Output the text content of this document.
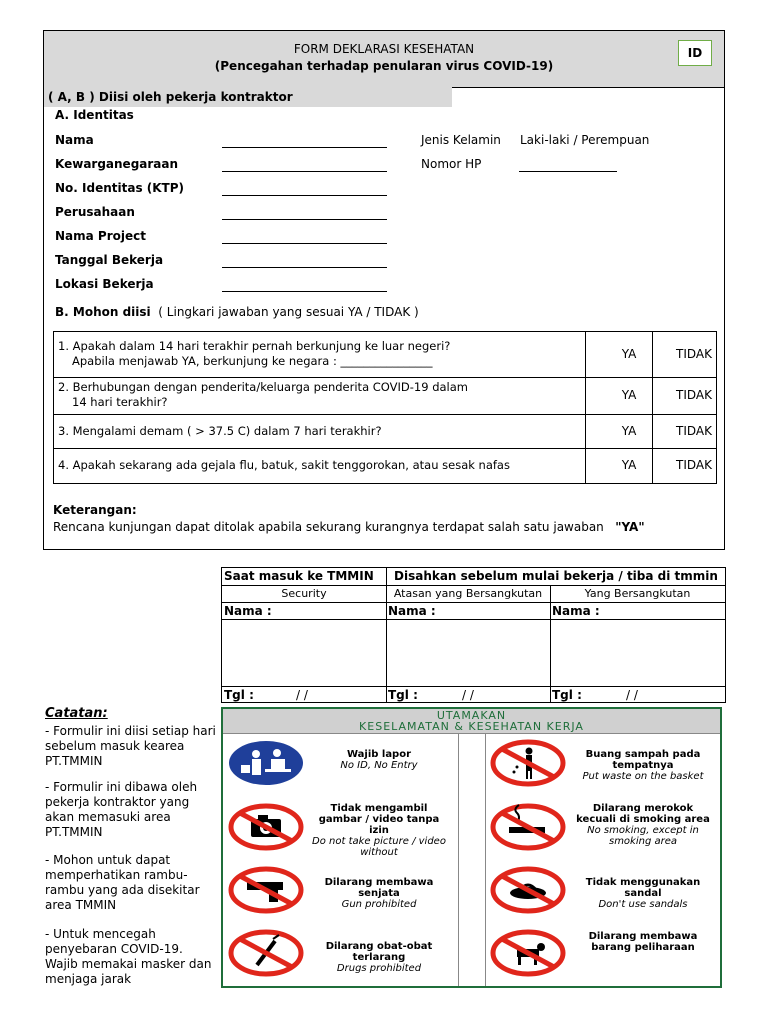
FORM DEKLARASI KESEHATAN
(Pencegahan terhadap penularan virus COVID-19)
ID
( A, B ) Diisi oleh pekerja kontraktor
A. Identitas
Nama
Kewarganegaraan
No. Identitas (KTP)
Perusahaan
Nama Project
Tanggal Bekerja
Lokasi Bekerja
Jenis Kelamin Laki-laki / Perempuan
Nomor HP
B. Mohon diisi ( Lingkari jawaban yang sesuai YA / TIDAK )
1. Apakah dalam 14 hari terakhir pernah berkunjung ke luar negeri?
Apabila menjawab YA, berkunjung ke negara : ________________	YA	TIDAK
2. Berhubungan dengan penderita/keluarga penderita COVID-19 dalam
14 hari terakhir?	YA	TIDAK
3. Mengalami demam ( > 37.5 C) dalam 7 hari terakhir?	YA	TIDAK
4. Apakah sekarang ada gejala flu, batuk, sakit tenggorokan, atau sesak nafas	YA	TIDAK
Keterangan:
Rencana kunjungan dapat ditolak apabila sekurang kurangnya terdapat salah satu jawaban "YA"
Saat masuk ke TMMIN Disahkan sebelum mulai bekerja / tiba di tmmin
Security	Atasan yang Bersangkutan	Yang Bersangkutan
Nama :	Nama :	Nama :
Tgl :	/ /	Tgl :	/ /	Tgl :	/ /
Catatan:
- Formulir ini diisi setiap hari sebelum masuk kearea PT.TMMIN
- Formulir ini dibawa oleh pekerja kontraktor yang akan memasuki area PT.TMMIN
- Mohon untuk dapat memperhatikan rambu-rambu yang ada disekitar area TMMIN
- Untuk mencegah penyebaran COVID-19. Wajib memakai masker dan menjaga jarak
UTAMAKAN
KESELAMATAN & KESEHATAN KERJA
Wajib lapor
No ID, No Entry
Buang sampah pada tempatnya
Put waste on the basket
Tidak mengambil gambar / video tanpa izin
Do not take picture / video without
Dilarang merokok kecuali di smoking area
No smoking, except in smoking area
Dilarang membawa senjata
Gun prohibited
Tidak menggunakan sandal
Don't use sandals
Dilarang obat-obat terlarang
Drugs prohibited
Dilarang membawa barang peliharaan
